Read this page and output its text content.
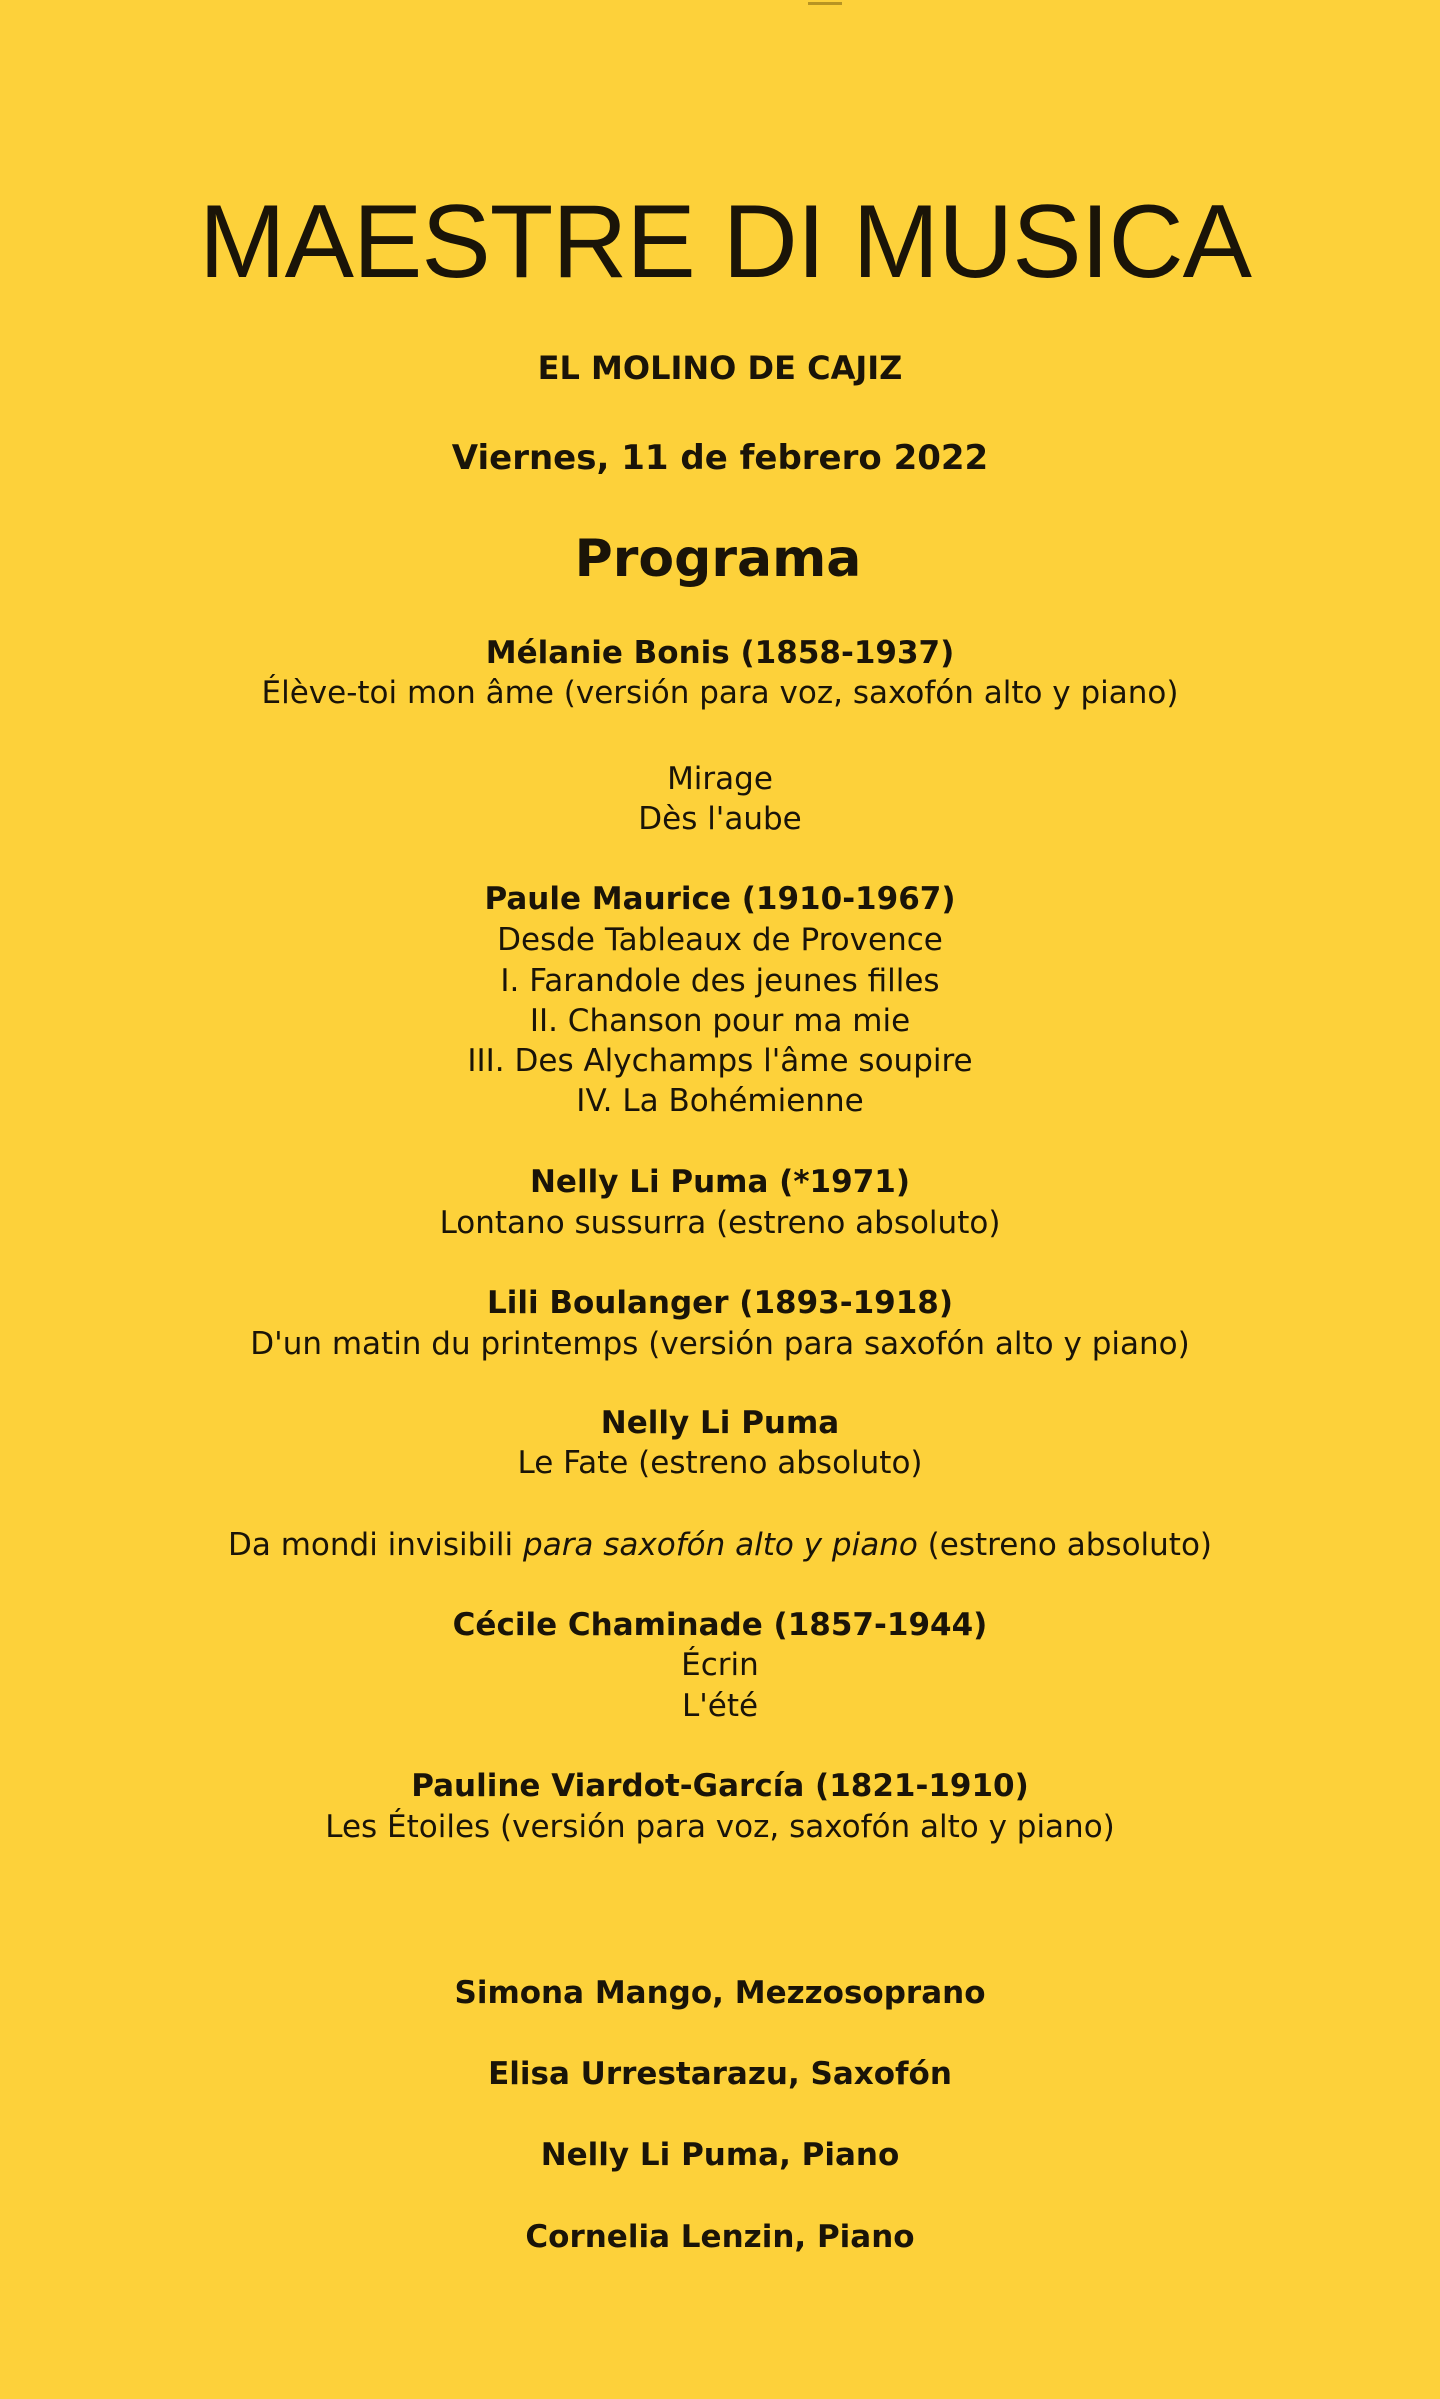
MAESTRE DI MUSICA
EL MOLINO DE CAJIZ
Viernes, 11 de febrero 2022
Programa
Mélanie Bonis (1858-1937)
Élève-toi mon âme (versión para voz, saxofón alto y piano)
Mirage
Dès l'aube
Paule Maurice (1910-1967)
Desde Tableaux de Provence
I. Farandole des jeunes filles
II. Chanson pour ma mie
III. Des Alychamps l'âme soupire
IV. La Bohémienne
Nelly Li Puma (*1971)
Lontano sussurra (estreno absoluto)
Lili Boulanger (1893-1918)
D'un matin du printemps (versión para saxofón alto y piano)
Nelly Li Puma
Le Fate (estreno absoluto)
Da mondi invisibili para saxofón alto y piano (estreno absoluto)
Cécile Chaminade (1857-1944)
Écrin
L'été
Pauline Viardot-García (1821-1910)
Les Étoiles (versión para voz, saxofón alto y piano)
Simona Mango, Mezzosoprano
Elisa Urrestarazu, Saxofón
Nelly Li Puma, Piano
Cornelia Lenzin, Piano
